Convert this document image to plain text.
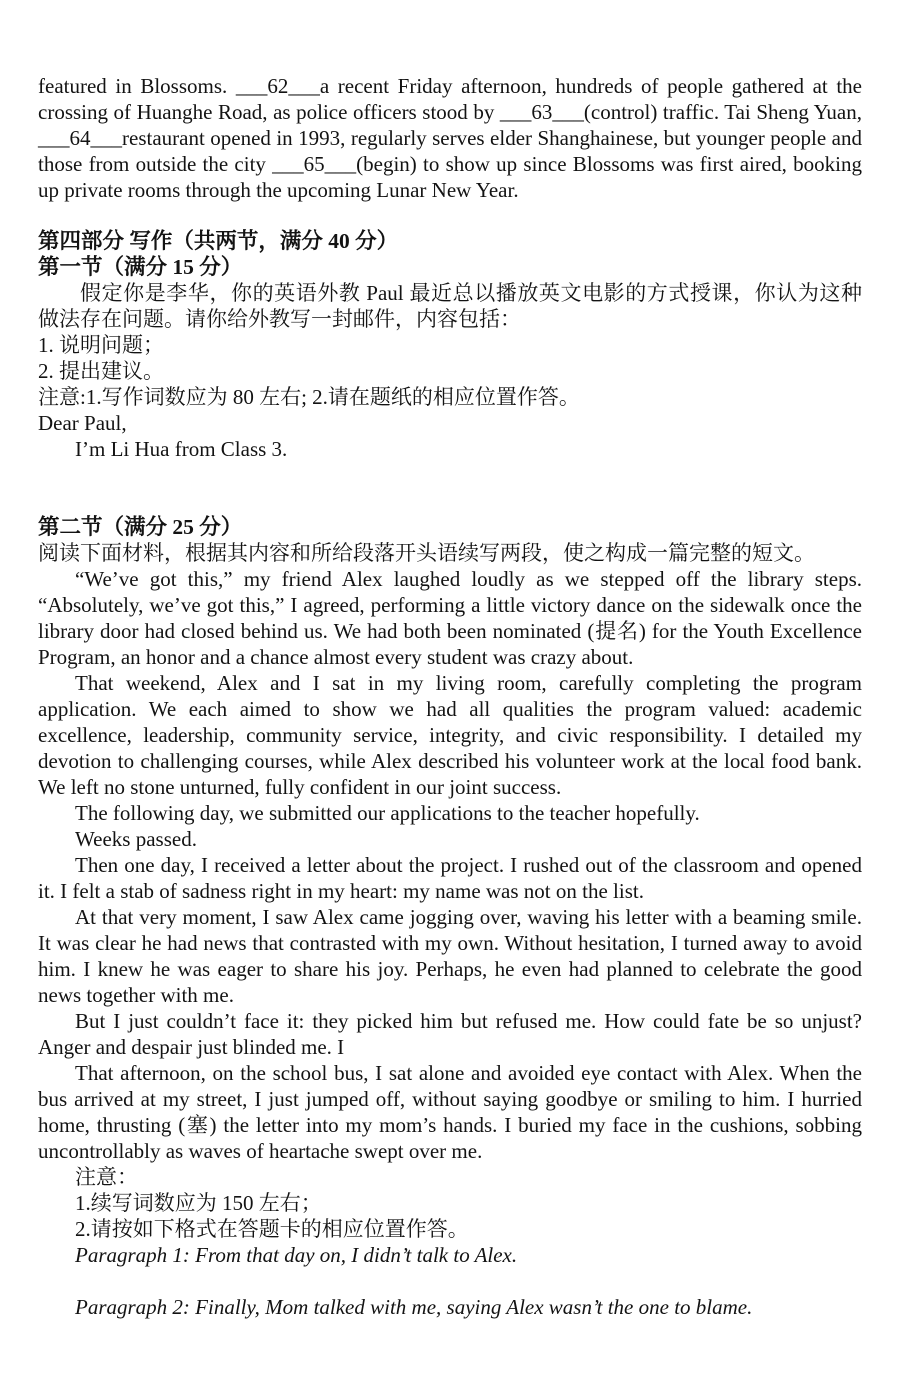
featured in Blossoms. ___62___a recent Friday afternoon, hundreds of people gathered at the crossing of Huanghe Road, as police officers stood by ___63___(control) traffic. Tai Sheng Yuan, ___64___restaurant opened in 1993, regularly serves elder Shanghainese, but younger people and those from outside the city ___65___(begin) to show up since Blossoms was first aired, booking up private rooms through the upcoming Lunar New Year.

第四部分 写作（共两节，满分 40 分）
第一节（满分 15 分）

假定你是李华，你的英语外教 Paul 最近总以播放英文电影的方式授课，你认为这种做法存在问题。请你给外教写一封邮件，内容包括：

1. 说明问题；

2. 提出建议。

注意:1.写作词数应为 80 左右; 2.请在题纸的相应位置作答。

Dear Paul,

I’m Li Hua from Class 3.

第二节（满分 25 分）

阅读下面材料，根据其内容和所给段落开头语续写两段，使之构成一篇完整的短文。

“We’ve got this,” my friend Alex laughed loudly as we stepped off the library steps. “Absolutely, we’ve got this,” I agreed, performing a little victory dance on the sidewalk once the library door had closed behind us. We had both been nominated (提名) for the Youth Excellence Program, an honor and a chance almost every student was crazy about.

That weekend, Alex and I sat in my living room, carefully completing the program application. We each aimed to show we had all qualities the program valued: academic excellence, leadership, community service, integrity, and civic responsibility. I detailed my devotion to challenging courses, while Alex described his volunteer work at the local food bank. We left no stone unturned, fully confident in our joint success.

The following day, we submitted our applications to the teacher hopefully.

Weeks passed.

Then one day, I received a letter about the project. I rushed out of the classroom and opened it. I felt a stab of sadness right in my heart: my name was not on the list.

At that very moment, I saw Alex came jogging over, waving his letter with a beaming smile. It was clear he had news that contrasted with my own. Without hesitation, I turned away to avoid him. I knew he was eager to share his joy. Perhaps, he even had planned to celebrate the good news together with me.

But I just couldn’t face it: they picked him but refused me. How could fate be so unjust? Anger and despair just blinded me. I

That afternoon, on the school bus, I sat alone and avoided eye contact with Alex. When the bus arrived at my street, I just jumped off, without saying goodbye or smiling to him. I hurried home, thrusting (塞) the letter into my mom’s hands. I buried my face in the cushions, sobbing uncontrollably as waves of heartache swept over me.

注意：

1.续写词数应为 150 左右；

2.请按如下格式在答题卡的相应位置作答。

Paragraph 1: From that day on, I didn’t talk to Alex.

Paragraph 2: Finally, Mom talked with me, saying Alex wasn’t the one to blame.
